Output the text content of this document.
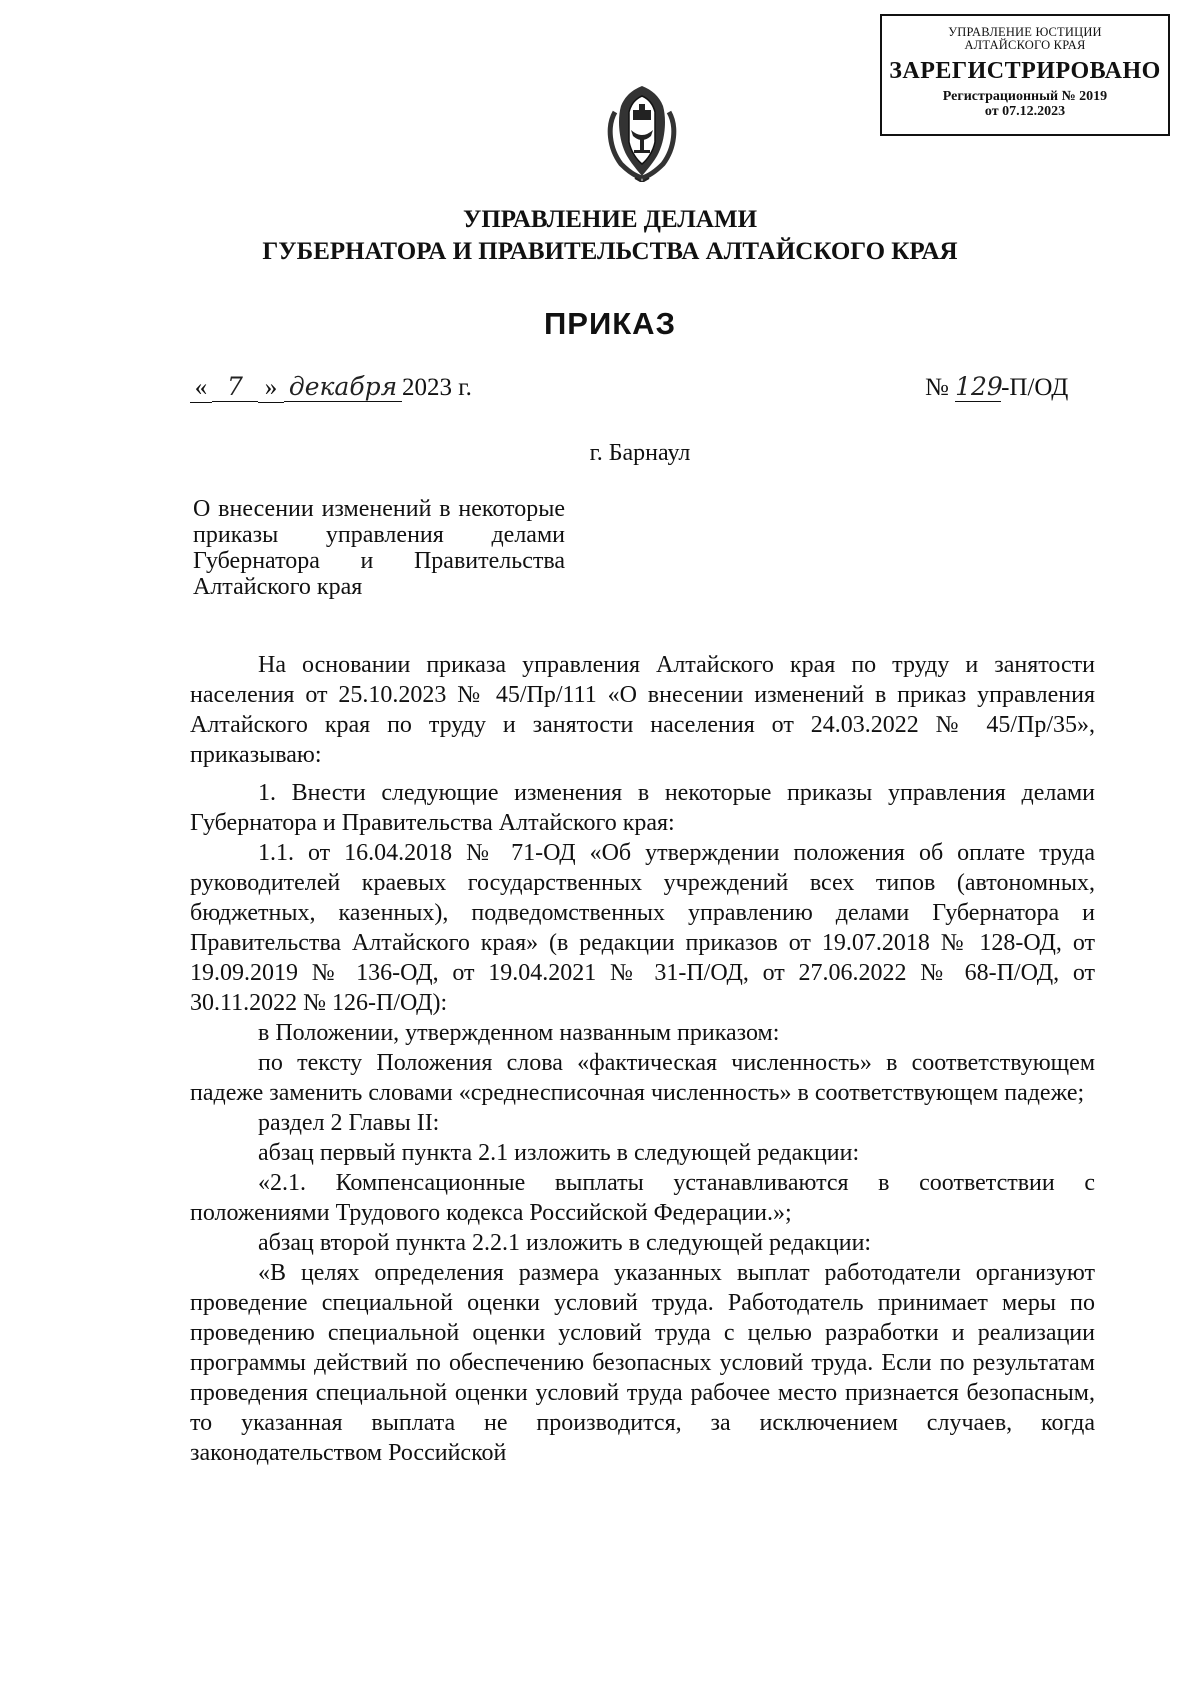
УПРАВЛЕНИЕ ЮСТИЦИИ
АЛТАЙСКОГО КРАЯ
ЗАРЕГИСТРИРОВАНО
Регистрационный № 2019
от 07.12.2023
УПРАВЛЕНИЕ ДЕЛАМИ
ГУБЕРНАТОРА И ПРАВИТЕЛЬСТВА АЛТАЙСКОГО КРАЯ
ПРИКАЗ
« 7 » декабря 2023 г.	№ 129-П/ОД
г. Барнаул
О внесении изменений в некоторые приказы управления делами Губернатора и Правительства Алтайского края

На основании приказа управления Алтайского края по труду и занятости населения от 25.10.2023 № 45/Пр/111 «О внесении изменений в приказ управления Алтайского края по труду и занятости населения от 24.03.2022 № 45/Пр/35», приказываю:

1. Внести следующие изменения в некоторые приказы управления делами Губернатора и Правительства Алтайского края:

1.1. от 16.04.2018 № 71-ОД «Об утверждении положения об оплате труда руководителей краевых государственных учреждений всех типов (автономных, бюджетных, казенных), подведомственных управлению делами Губернатора и Правительства Алтайского края» (в редакции приказов от 19.07.2018 № 128-ОД, от 19.09.2019 № 136-ОД, от 19.04.2021 № 31-П/ОД, от 27.06.2022 № 68-П/ОД, от 30.11.2022 № 126-П/ОД):

в Положении, утвержденном названным приказом:

по тексту Положения слова «фактическая численность» в соответствующем падеже заменить словами «среднесписочная численность» в соответствующем падеже;

раздел 2 Главы II:

абзац первый пункта 2.1 изложить в следующей редакции:

«2.1. Компенсационные выплаты устанавливаются в соответствии с положениями Трудового кодекса Российской Федерации.»;

абзац второй пункта 2.2.1 изложить в следующей редакции:

«В целях определения размера указанных выплат работодатели организуют проведение специальной оценки условий труда. Работодатель принимает меры по проведению специальной оценки условий труда с целью разработки и реализации программы действий по обеспечению безопасных условий труда. Если по результатам проведения специальной оценки условий труда рабочее место признается безопасным, то указанная выплата не производится, за исключением случаев, когда законодательством Российской
